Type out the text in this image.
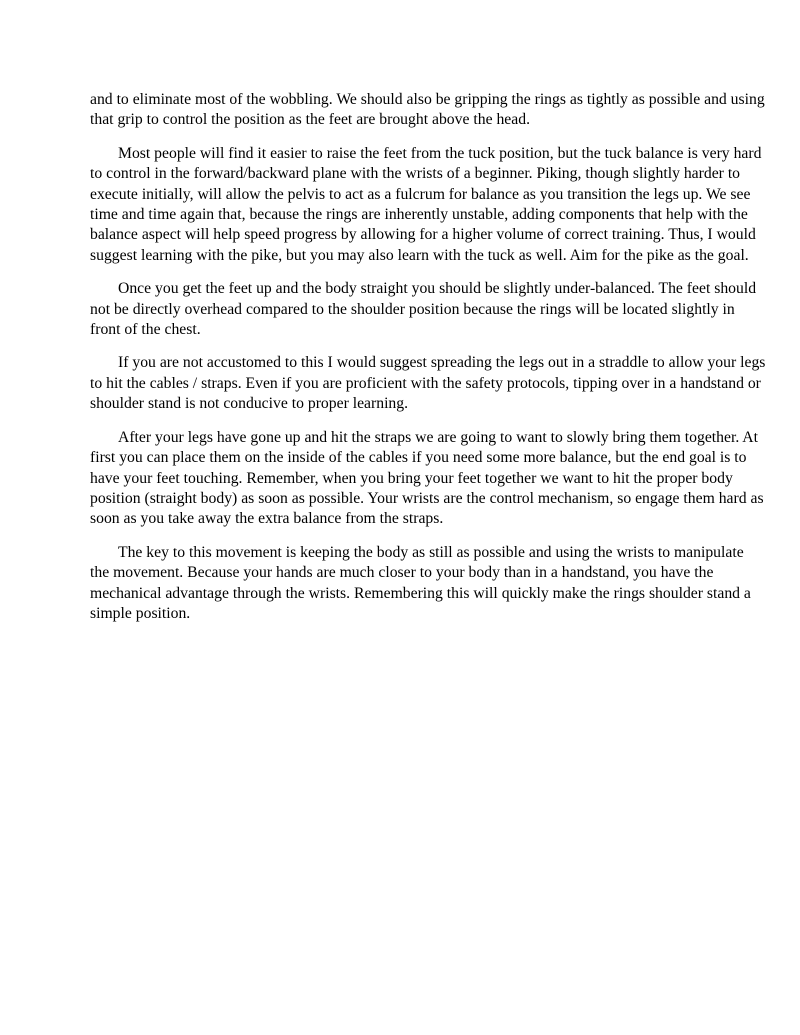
and to eliminate most of the wobbling. We should also be gripping the rings as tightly as possible and using that grip to control the position as the feet are brought above the head.

Most people will find it easier to raise the feet from the tuck position, but the tuck balance is very hard to control in the forward/backward plane with the wrists of a beginner. Piking, though slightly harder to execute initially, will allow the pelvis to act as a fulcrum for balance as you transition the legs up. We see time and time again that, because the rings are inherently unstable, adding components that help with the balance aspect will help speed progress by allowing for a higher volume of correct training. Thus, I would suggest learning with the pike, but you may also learn with the tuck as well. Aim for the pike as the goal.

Once you get the feet up and the body straight you should be slightly under-balanced. The feet should not be directly overhead compared to the shoulder position because the rings will be located slightly in front of the chest.

If you are not accustomed to this I would suggest spreading the legs out in a straddle to allow your legs to hit the cables / straps. Even if you are proficient with the safety protocols, tipping over in a handstand or shoulder stand is not conducive to proper learning.

After your legs have gone up and hit the straps we are going to want to slowly bring them together. At first you can place them on the inside of the cables if you need some more balance, but the end goal is to have your feet touching. Remember, when you bring your feet together we want to hit the proper body position (straight body) as soon as possible. Your wrists are the control mechanism, so engage them hard as soon as you take away the extra balance from the straps.

The key to this movement is keeping the body as still as possible and using the wrists to manipulate the movement. Because your hands are much closer to your body than in a handstand, you have the mechanical advantage through the wrists. Remembering this will quickly make the rings shoulder stand a simple position.
